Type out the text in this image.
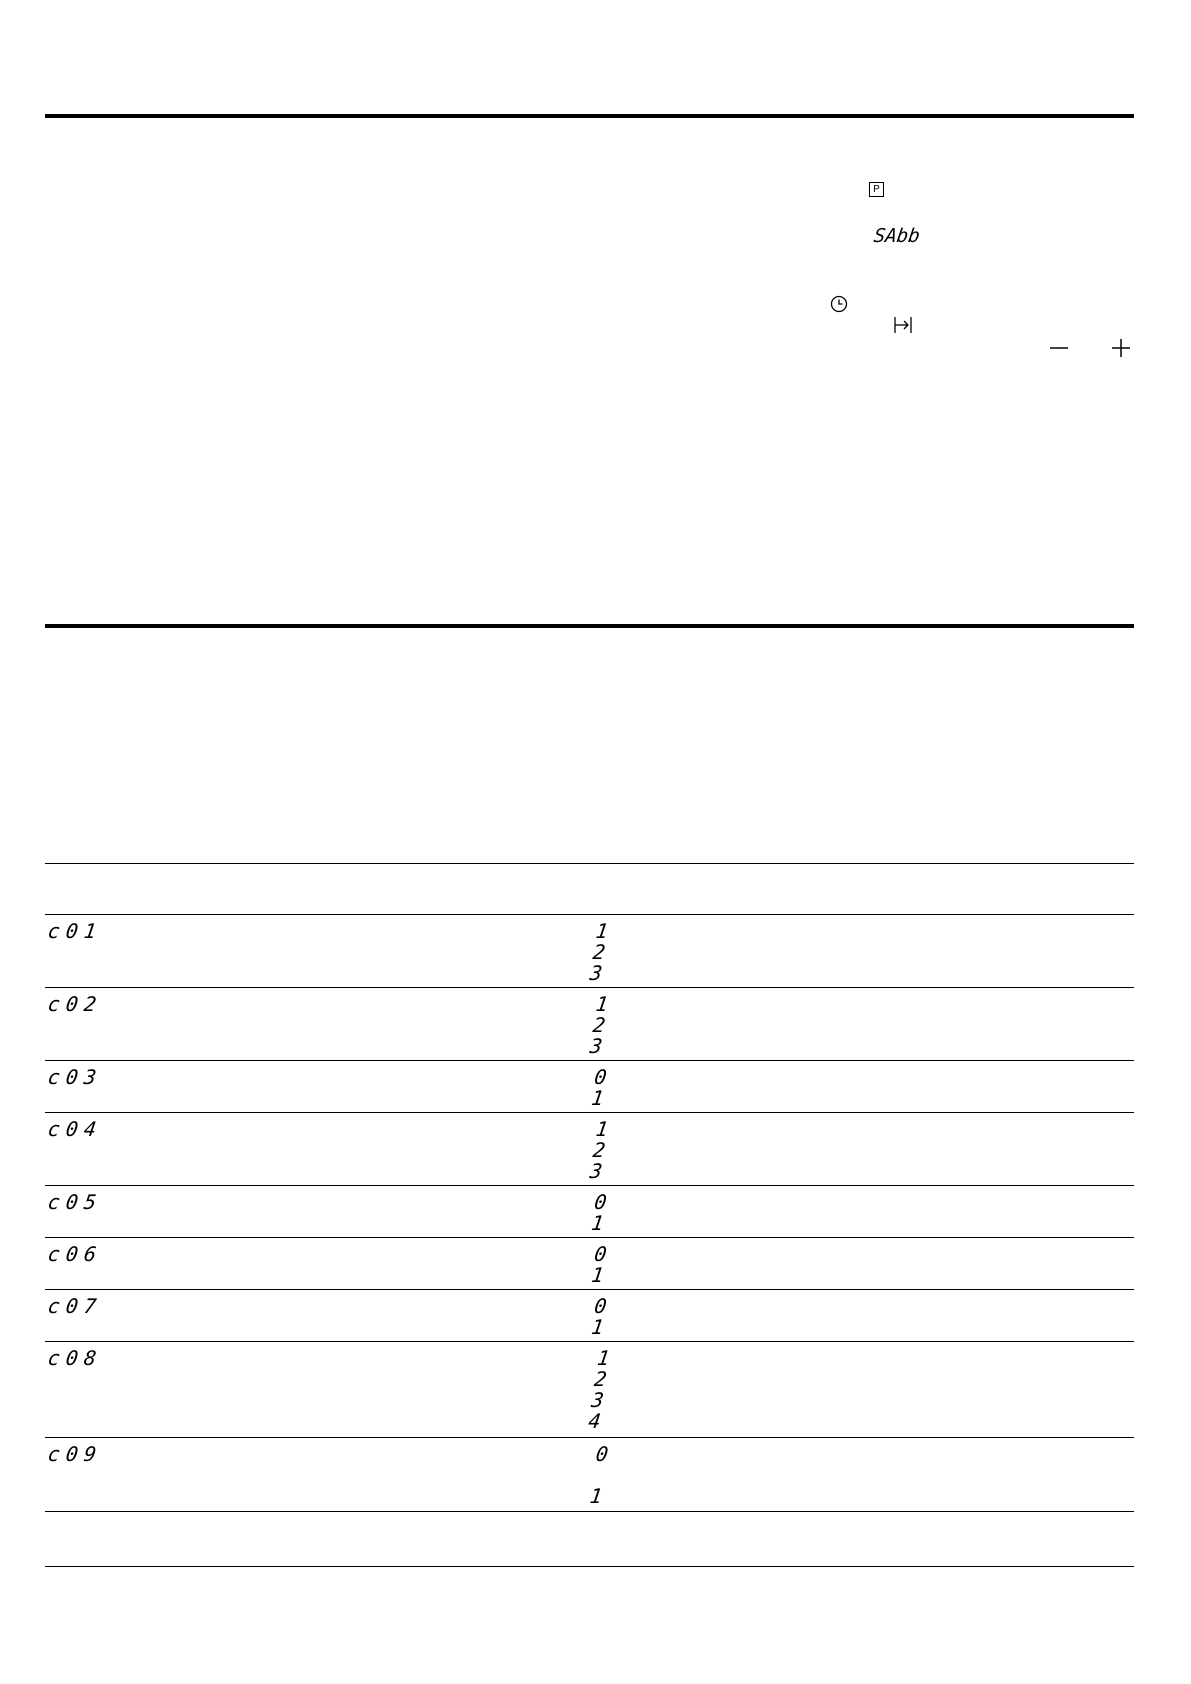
P
SAbb
c01	1
2
3
c02	1
2
3
c03	0
1
c04	1
2
3
c05	0
1
c06	0
1
c07	0
1
c08	1
2
3
4
c09	0
1
